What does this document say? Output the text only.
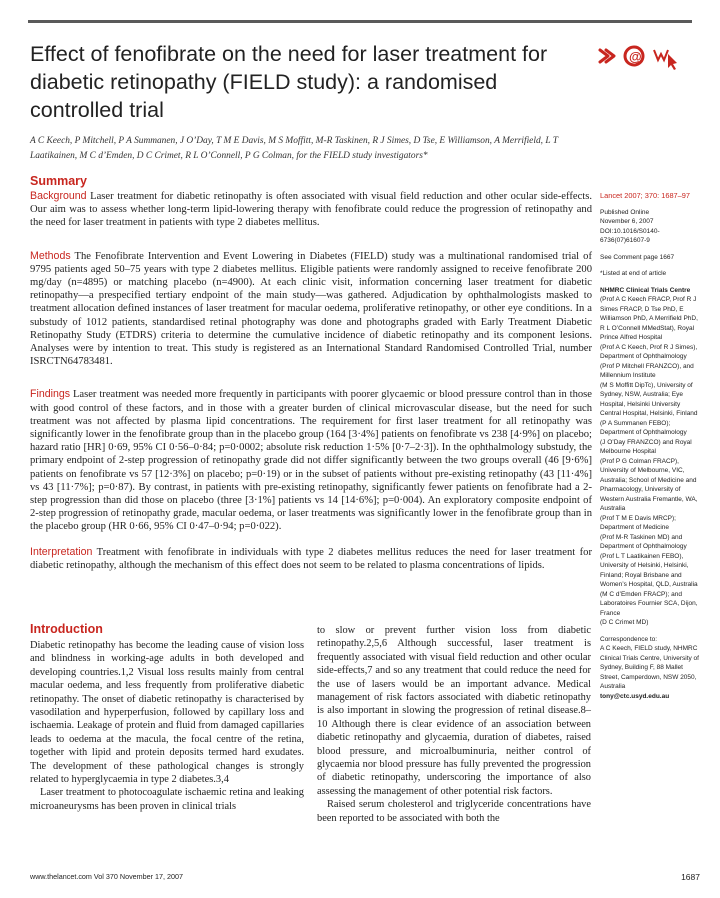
Effect of fenofibrate on the need for laser treatment for diabetic retinopathy (FIELD study): a randomised controlled trial
@
A C Keech, P Mitchell, P A Summanen, J O’Day, T M E Davis, M S Moffitt, M-R Taskinen, R J Simes, D Tse, E Williamson, A Merrifield, L T Laatikainen, M C d’Emden, D C Crimet, R L O’Connell, P G Colman, for the FIELD study investigators*
Summary

Background Laser treatment for diabetic retinopathy is often associated with visual field reduction and other ocular side-effects. Our aim was to assess whether long-term lipid-lowering therapy with fenofibrate could reduce the progression of retinopathy and the need for laser treatment in patients with type 2 diabetes mellitus.

Methods The Fenofibrate Intervention and Event Lowering in Diabetes (FIELD) study was a multinational randomised trial of 9795 patients aged 50–75 years with type 2 diabetes mellitus. Eligible patients were randomly assigned to receive fenofibrate 200 mg/day (n=4895) or matching placebo (n=4900). At each clinic visit, information concerning laser treatment for diabetic retinopathy—a prespecified tertiary endpoint of the main study—was gathered. Adjudication by ophthalmologists masked to treatment allocation defined instances of laser treatment for macular oedema, proliferative retinopathy, or other eye conditions. In a substudy of 1012 patients, standardised retinal photography was done and photographs graded with Early Treatment Diabetic Retinopathy Study (ETDRS) criteria to determine the cumulative incidence of diabetic retinopathy and its component lesions. Analyses were by intention to treat. This study is registered as an International Standard Randomised Controlled Trial, number ISRCTN64783481.

Findings Laser treatment was needed more frequently in participants with poorer glycaemic or blood pressure control than in those with good control of these factors, and in those with a greater burden of clinical microvascular disease, but the need for such treatment was not affected by plasma lipid concentrations. The requirement for first laser treatment for all retinopathy was significantly lower in the fenofibrate group than in the placebo group (164 [3·4%] patients on fenofibrate vs 238 [4·9%] on placebo; hazard ratio [HR] 0·69, 95% CI 0·56–0·84; p=0·0002; absolute risk reduction 1·5% [0·7–2·3]). In the ophthalmology substudy, the primary endpoint of 2-step progression of retinopathy grade did not differ significantly between the two groups overall (46 [9·6%] patients on fenofibrate vs 57 [12·3%] on placebo; p=0·19) or in the subset of patients without pre-existing retinopathy (43 [11·4%] vs 43 [11·7%]; p=0·87). By contrast, in patients with pre-existing retinopathy, significantly fewer patients on fenofibrate had a 2-step progression than did those on placebo (three [3·1%] patients vs 14 [14·6%]; p=0·004). An exploratory composite endpoint of 2-step progression of retinopathy grade, macular oedema, or laser treatments was significantly lower in the fenofibrate group than in the placebo group (HR 0·66, 95% CI 0·47–0·94; p=0·022).

Interpretation Treatment with fenofibrate in individuals with type 2 diabetes mellitus reduces the need for laser treatment for diabetic retinopathy, although the mechanism of this effect does not seem to be related to plasma concentrations of lipids.

Introduction

Diabetic retinopathy has become the leading cause of vision loss and blindness in working-age adults in both developed and developing countries.1,2 Visual loss results mainly from central macular oedema, and less frequently from proliferative diabetic retinopathy. The onset of diabetic retinopathy is characterised by vasodilation and hyperperfusion, followed by capillary loss and ischaemia. Leakage of protein and fluid from damaged capillaries leads to oedema at the macula, the focal centre of the retina, together with lipid and protein deposits termed hard exudates. The development of these pathological changes is strongly related to hyperglycaemia in type 2 diabetes.3,4

Laser treatment to photocoagulate ischaemic retina and leaking microaneurysms has been proven in clinical trials

to slow or prevent further vision loss from diabetic retinopathy.2,5,6 Although successful, laser treatment is frequently associated with visual field reduction and other ocular side-effects,7 and so any treatment that could reduce the need for the use of lasers would be an important advance. Medical management of risk factors associated with diabetic retinopathy is also important in slowing the progression of retinal disease.8–10 Although there is clear evidence of an association between diabetic retinopathy and glycaemia, duration of diabetes, raised blood pressure, and microalbuminuria, neither control of glycaemia nor blood pressure has fully prevented the progression of diabetic retinopathy, underscoring the importance of also assessing the management of other potential risk factors.

Raised serum cholesterol and triglyceride concentrations have been reported to be associated with both the

Lancet 2007; 370: 1687–97

Published Online

November 6, 2007

DOI:10.1016/S0140-6736(07)61607-9

See Comment page 1667

*Listed at end of article

NHMRC Clinical Trials Centre

(Prof A C Keech FRACP, Prof R J Simes FRACP, D Tse PhD, E Williamson PhD, A Merrifield PhD, R L O’Connell MMedStat), Royal Prince Alfred Hospital

(Prof A C Keech, Prof R J Simes), Department of Ophthalmology

(Prof P Mitchell FRANZCO), and Millennium Institute

(M S Moffitt DipTc), University of Sydney, NSW, Australia; Eye Hospital, Helsinki University Central Hospital, Helsinki, Finland

(P A Summanen FEBO); Department of Ophthalmology

(J O’Day FRANZCO) and Royal Melbourne Hospital

(Prof P G Colman FRACP), University of Melbourne, VIC, Australia; School of Medicine and Pharmacology, University of Western Australia Fremantle, WA, Australia

(Prof T M E Davis MRCP); Department of Medicine

(Prof M-R Taskinen MD) and Department of Ophthalmology

(Prof L T Laatikainen FEBO), University of Helsinki, Helsinki, Finland; Royal Brisbane and Women’s Hospital, QLD, Australia

(M C d’Emden FRACP); and Laboratoires Fournier SCA, Dijon, France

(D C Crimet MD)

Correspondence to:

A C Keech, FIELD study, NHMRC Clinical Trials Centre, University of Sydney, Building F, 88 Mallet Street, Camperdown, NSW 2050, Australia

tony@ctc.usyd.edu.au

www.thelancet.com Vol 370 November 17, 2007	1687
